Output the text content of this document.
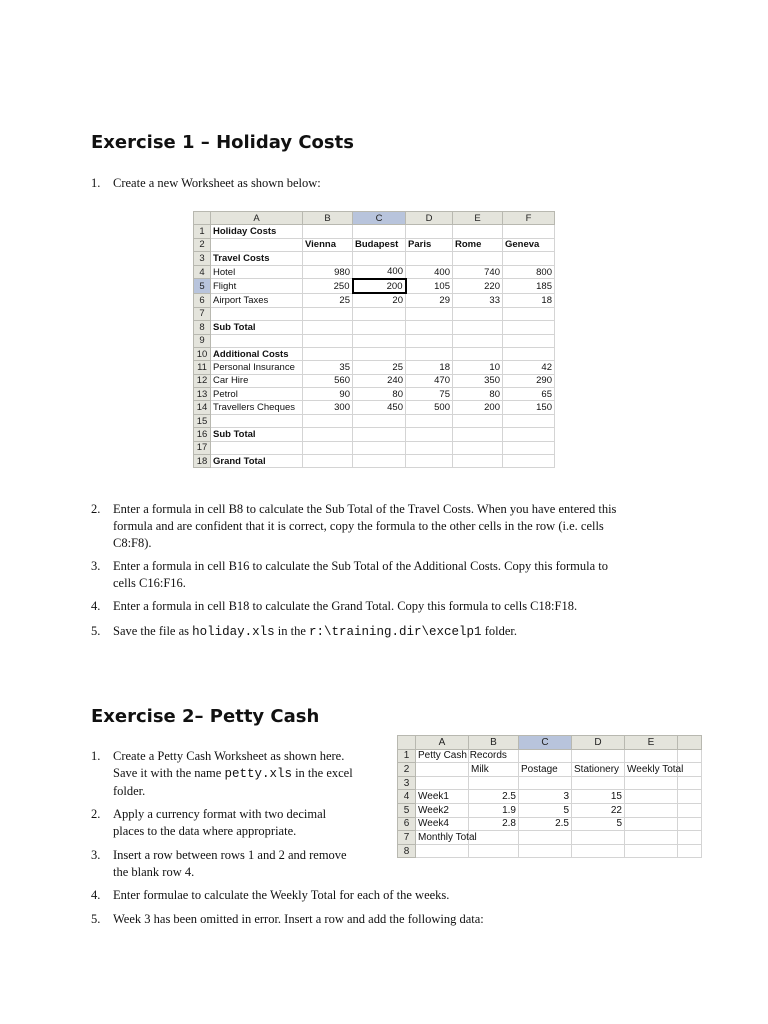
Exercise 1 – Holiday Costs
1. Create a new Worksheet as shown below:
	A	B	C	D	E	F
1	Holiday Costs					
2		Vienna	Budapest	Paris	Rome	Geneva
3	Travel Costs					
4	Hotel	980	400	400	740	800
5	Flight	250	200	105	220	185
6	Airport Taxes	25	20	29	33	18
7						
8	Sub Total					
9						
10	Additional Costs					
11	Personal Insurance	35	25	18	10	42
12	Car Hire	560	240	470	350	290
13	Petrol	90	80	75	80	65
14	Travellers Cheques	300	450	500	200	150
15						
16	Sub Total					
17						
18	Grand Total					
2. Enter a formula in cell B8 to calculate the Sub Total of the Travel Costs. When you have entered this
formula and are confident that it is correct, copy the formula to the other cells in the row (i.e. cells
C8:F8).
3. Enter a formula in cell B16 to calculate the Sub Total of the Additional Costs. Copy this formula to
cells C16:F16.
4. Enter a formula in cell B18 to calculate the Grand Total. Copy this formula to cells C18:F18.
5. Save the file as holiday.xls in the r:\training.dir\excelp1 folder.
Exercise 2– Petty Cash
	A	B	C	D	E	
1	Petty Cash Records					
2		Milk	Postage	Stationery	Weekly Total	
3						
4	Week1	2.5	3	15		
5	Week2	1.9	5	22		
6	Week4	2.8	2.5	5		
7	Monthly Total					
8						
1. Create a Petty Cash Worksheet as shown here.
Save it with the name petty.xls in the excel
folder.
2. Apply a currency format with two decimal
places to the data where appropriate.
3. Insert a row between rows 1 and 2 and remove
the blank row 4.
4. Enter formulae to calculate the Weekly Total for each of the weeks.
5. Week 3 has been omitted in error. Insert a row and add the following data:
